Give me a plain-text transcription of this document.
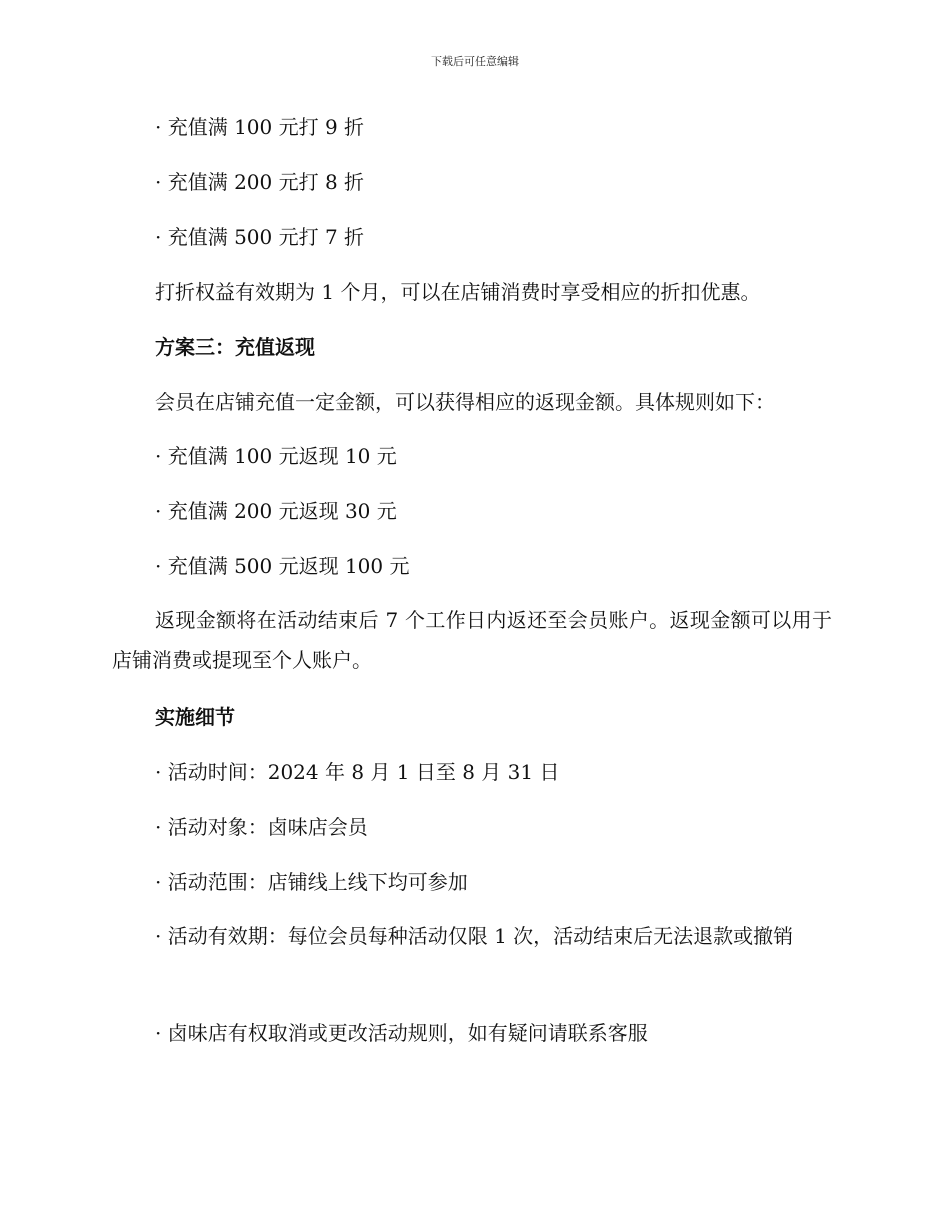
下载后可任意编辑
· 充值满 100 元打 9 折
· 充值满 200 元打 8 折
· 充值满 500 元打 7 折
打折权益有效期为 1 个月，可以在店铺消费时享受相应的折扣优惠。
方案三：充值返现
会员在店铺充值一定金额，可以获得相应的返现金额。具体规则如下：
· 充值满 100 元返现 10 元
· 充值满 200 元返现 30 元
· 充值满 500 元返现 100 元
返现金额将在活动结束后 7 个工作日内返还至会员账户。返现金额可以用于店铺消费或提现至个人账户。
实施细节
· 活动时间：2024 年 8 月 1 日至 8 月 31 日
· 活动对象：卤味店会员
· 活动范围：店铺线上线下均可参加
· 活动有效期：每位会员每种活动仅限 1 次，活动结束后无法退款或撤销
· 卤味店有权取消或更改活动规则，如有疑问请联系客服
